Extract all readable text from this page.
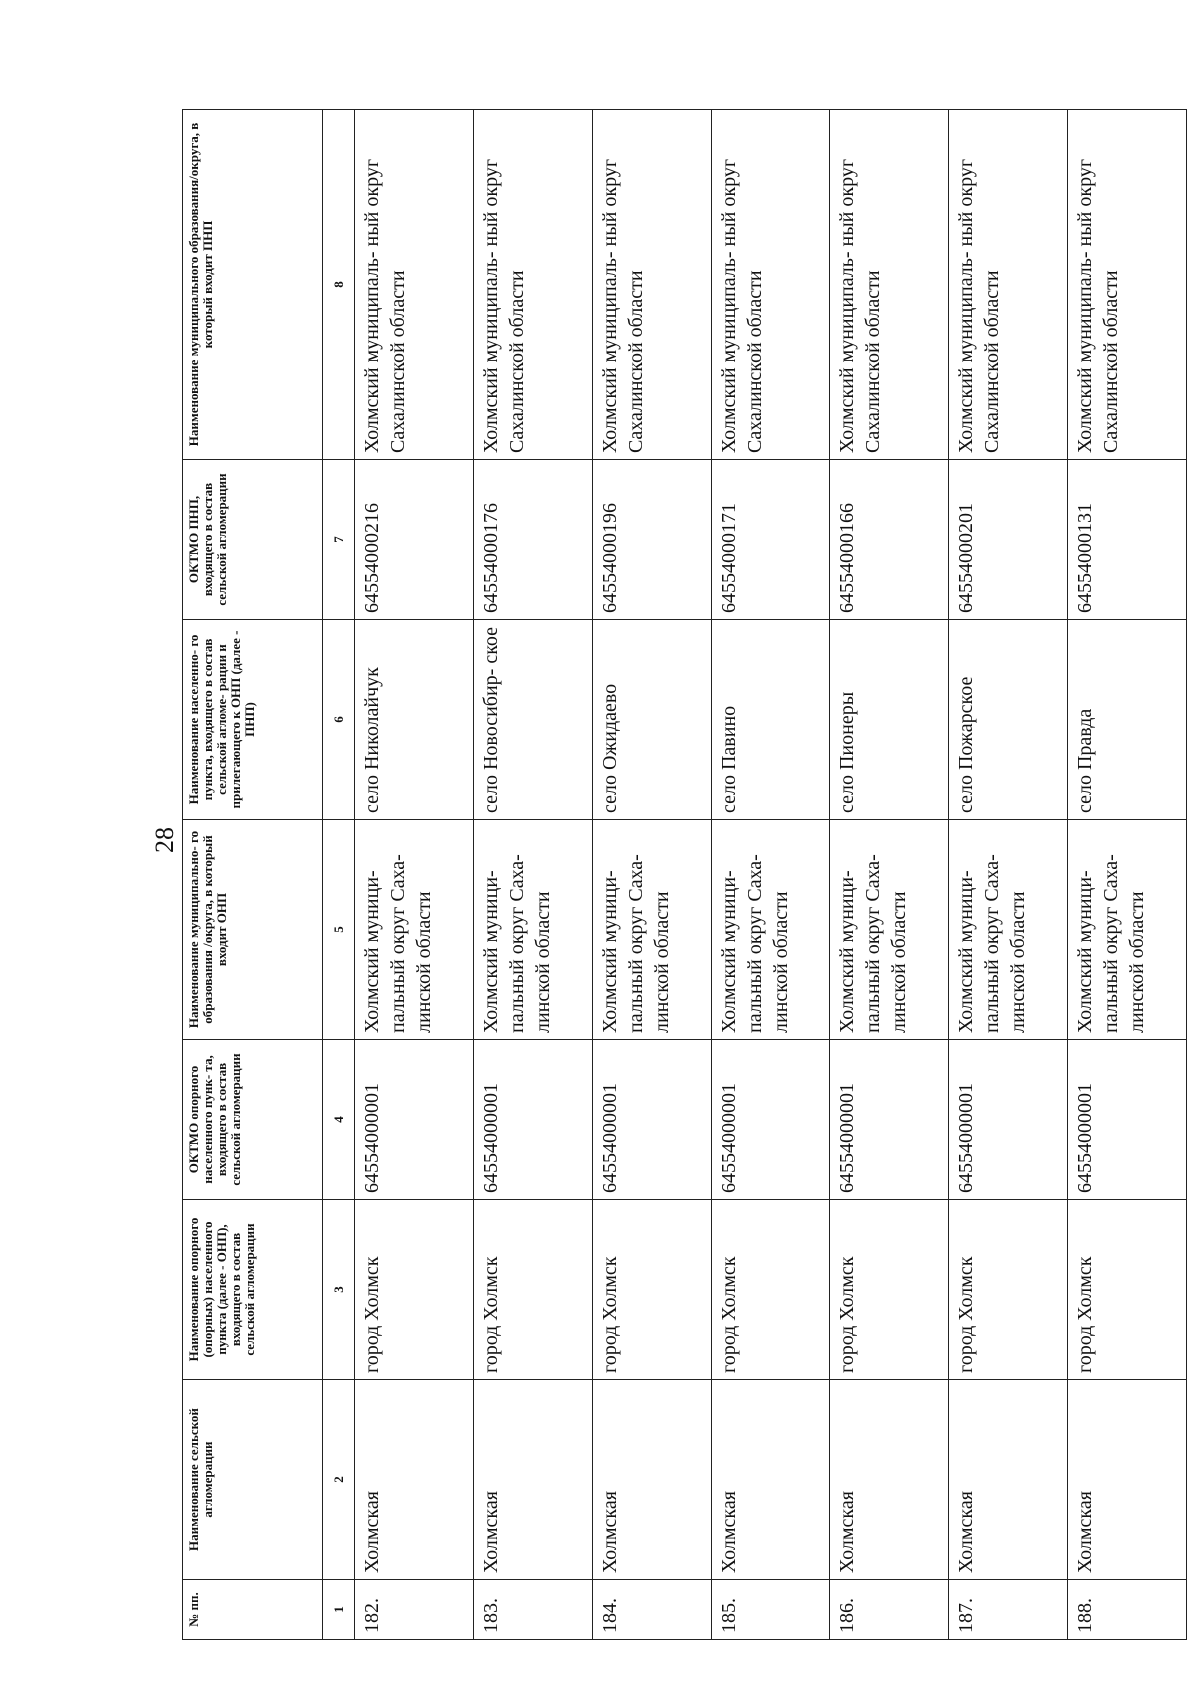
28
№ пп.	Наименование сельской агломерации	Наименование опорного (опорных) населенного пункта (далее - ОНП), входящего в состав сельской агломерации	ОКТМО опорного населенного пунк- та, входящего в состав сельской агломерации	Наименование муниципально- го образования /округа, в который входит ОНП	Наименование населенно- го пункта, входящего в состав сельской агломе- рации и прилегающего к ОНП (далее - ПНП)	ОКТМО ПНП, входящего в состав сельской агломерации	Наименование муниципального образования/округа, в который входит ПНП
1	2	3	4	5	6	7	8
182.	Холмская	город Холмск	64554000001	Холмский муници- пальный округ Саха- линской области	село Николайчук	64554000216	Холмский муниципаль- ный округ Сахалинской области
183.	Холмская	город Холмск	64554000001	Холмский муници- пальный округ Саха- линской области	село Новосибир- ское	64554000176	Холмский муниципаль- ный округ Сахалинской области
184.	Холмская	город Холмск	64554000001	Холмский муници- пальный округ Саха- линской области	село Ожидаево	64554000196	Холмский муниципаль- ный округ Сахалинской области
185.	Холмская	город Холмск	64554000001	Холмский муници- пальный округ Саха- линской области	село Павино	64554000171	Холмский муниципаль- ный округ Сахалинской области
186.	Холмская	город Холмск	64554000001	Холмский муници- пальный округ Саха- линской области	село Пионеры	64554000166	Холмский муниципаль- ный округ Сахалинской области
187.	Холмская	город Холмск	64554000001	Холмский муници- пальный округ Саха- линской области	село Пожарское	64554000201	Холмский муниципаль- ный округ Сахалинской области
188.	Холмская	город Холмск	64554000001	Холмский муници- пальный округ Саха- линской области	село Правда	64554000131	Холмский муниципаль- ный округ Сахалинской области
